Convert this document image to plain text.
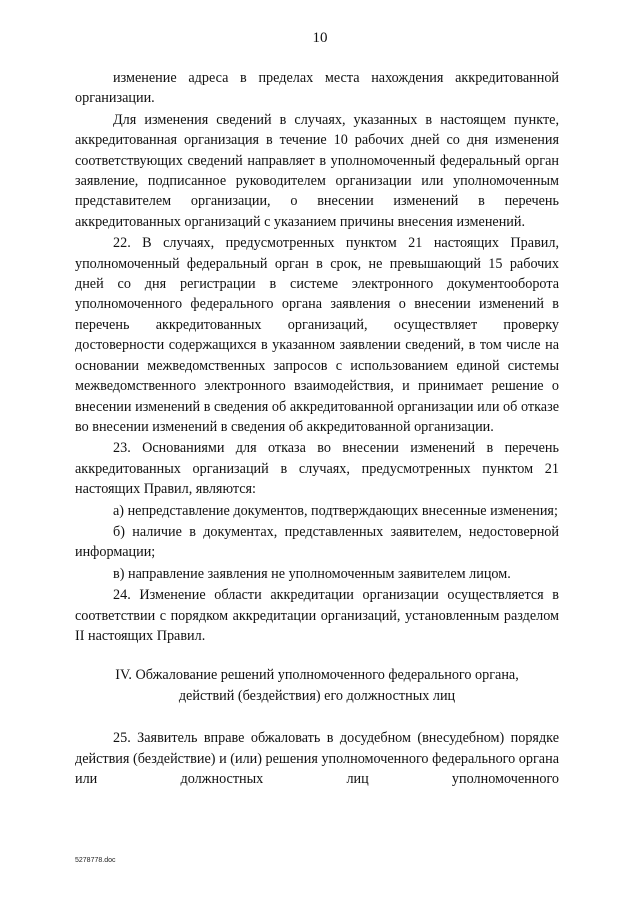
10

изменение адреса в пределах места нахождения аккредитованной организации.

Для изменения сведений в случаях, указанных в настоящем пункте, аккредитованная организация в течение 10 рабочих дней со дня изменения соответствующих сведений направляет в уполномоченный федеральный орган заявление, подписанное руководителем организации или уполномоченным представителем организации, о внесении изменений в перечень аккредитованных организаций с указанием причины внесения изменений.

22. В случаях, предусмотренных пунктом 21 настоящих Правил, уполномоченный федеральный орган в срок, не превышающий 15 рабочих дней со дня регистрации в системе электронного документооборота уполномоченного федерального органа заявления о внесении изменений в перечень аккредитованных организаций, осуществляет проверку достоверности содержащихся в указанном заявлении сведений, в том числе на основании межведомственных запросов с использованием единой системы межведомственного электронного взаимодействия, и принимает решение о внесении изменений в сведения об аккредитованной организации или об отказе во внесении изменений в сведения об аккредитованной организации.

23. Основаниями для отказа во внесении изменений в перечень аккредитованных организаций в случаях, предусмотренных пунктом 21 настоящих Правил, являются:

а) непредставление документов, подтверждающих внесенные изменения;

б) наличие в документах, представленных заявителем, недостоверной информации;

в) направление заявления не уполномоченным заявителем лицом.

24. Изменение области аккредитации организации осуществляется в соответствии с порядком аккредитации организаций, установленным разделом II настоящих Правил.

IV. Обжалование решений уполномоченного федерального органа,
действий (бездействия) его должностных лиц

25. Заявитель вправе обжаловать в досудебном (внесудебном) порядке действия (бездействие) и (или) решения уполномоченного федерального органа или должностных лиц уполномоченного

5278778.doc
